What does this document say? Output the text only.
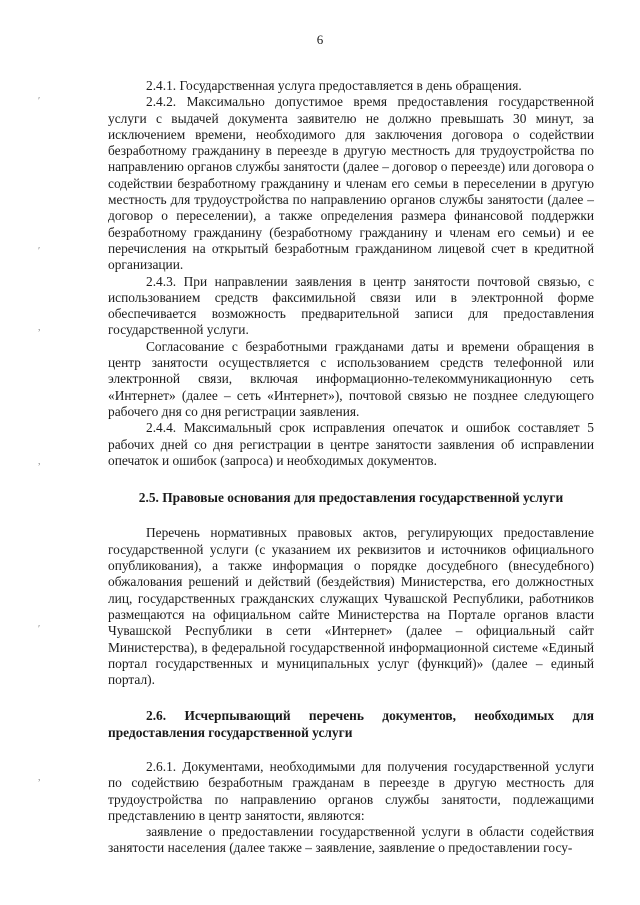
6
′
′
,
,
′
,

2.4.1. Государственная услуга предоставляется в день обращения.

2.4.2. Максимально допустимое время предоставления государственной услуги с выдачей документа заявителю не должно превышать 30 минут, за исключением времени, необходимого для заключения договора о содействии безработному гражданину в переезде в другую местность для трудоустройства по направлению органов службы занятости (далее – договор о переезде) или договора о содействии безработному гражданину и членам его семьи в переселении в другую местность для трудоустройства по направлению органов службы занятости (далее – договор о переселении), а также определения размера финансовой поддержки безработному гражданину (безработному гражданину и членам его семьи) и ее перечисления на открытый безработным гражданином лицевой счет в кредитной организации.

2.4.3. При направлении заявления в центр занятости почтовой связью, с использованием средств факсимильной связи или в электронной форме обеспечивается возможность предварительной записи для предоставления государственной услуги.

Согласование с безработными гражданами даты и времени обращения в центр занятости осуществляется с использованием средств телефонной или электронной связи, включая информационно-телекоммуникационную сеть «Интернет» (далее – сеть «Интернет»), почтовой связью не позднее следующего рабочего дня со дня регистрации заявления.

2.4.4. Максимальный срок исправления опечаток и ошибок составляет 5 рабочих дней со дня регистрации в центре занятости заявления об исправлении опечаток и ошибок (запроса) и необходимых документов.

2.5. Правовые основания для предоставления государственной услуги

Перечень нормативных правовых актов, регулирующих предоставление государственной услуги (с указанием их реквизитов и источников официального опубликования), а также информация о порядке досудебного (внесудебного) обжалования решений и действий (бездействия) Министерства, его должностных лиц, государственных гражданских служащих Чувашской Республики, работников размещаются на официальном сайте Министерства на Портале органов власти Чувашской Республики в сети «Интернет» (далее – официальный сайт Министерства), в федеральной государственной информационной системе «Единый портал государственных и муниципальных услуг (функций)» (далее – единый портал).

2.6. Исчерпывающий перечень документов, необходимых для предоставления государственной услуги

2.6.1. Документами, необходимыми для получения государственной услуги по содействию безработным гражданам в переезде в другую местность для трудоустройства по направлению органов службы занятости, подлежащими представлению в центр занятости, являются:

заявление о предоставлении государственной услуги в области содействия занятости населения (далее также – заявление, заявление о предоставлении госу-
